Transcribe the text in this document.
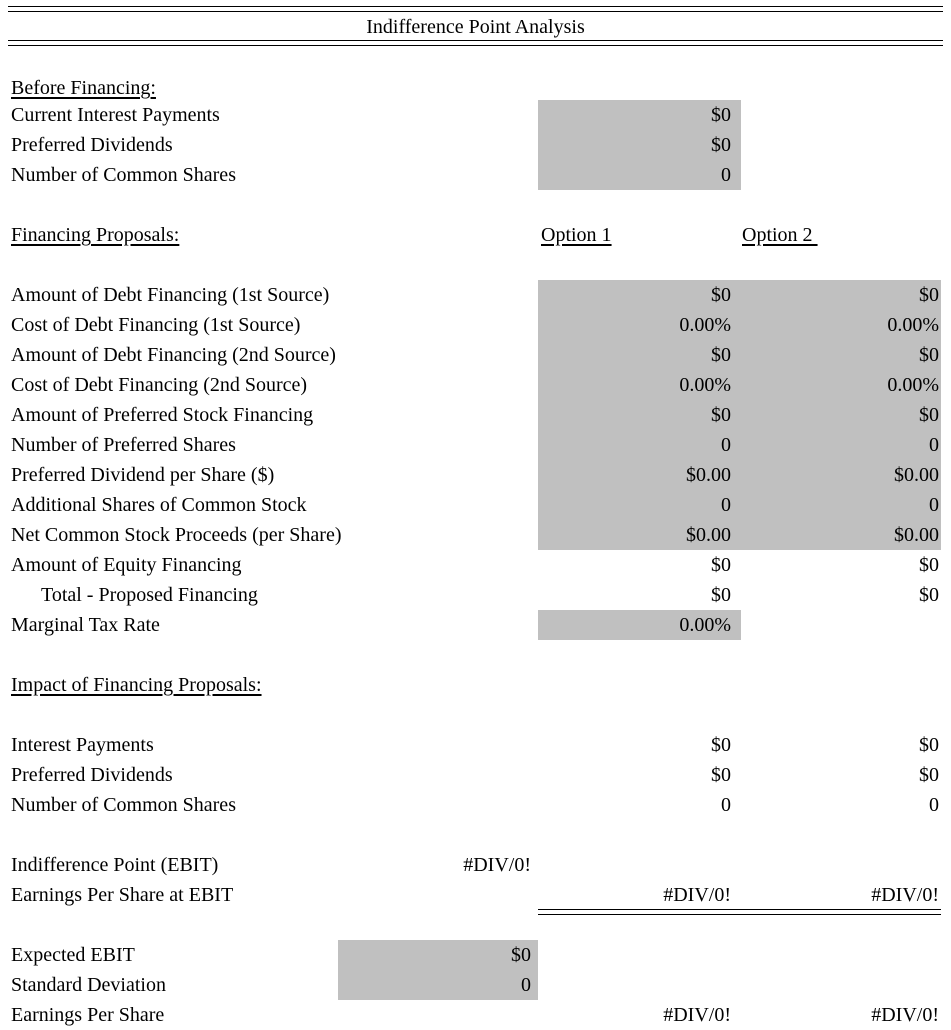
Indifference Point Analysis
Before Financing:
Current Interest Payments	$0
Preferred Dividends	$0
Number of Common Shares	0
Financing Proposals:	Option 1	Option 2
Amount of Debt Financing (1st Source)	$0	$0
Cost of Debt Financing (1st Source)	0.00%	0.00%
Amount of Debt Financing (2nd Source)	$0	$0
Cost of Debt Financing (2nd Source)	0.00%	0.00%
Amount of Preferred Stock Financing	$0	$0
Number of Preferred Shares	0	0
Preferred Dividend per Share ($)	$0.00	$0.00
Additional Shares of Common Stock	0	0
Net Common Stock Proceeds (per Share)	$0.00	$0.00
Amount of Equity Financing	$0	$0
Total - Proposed Financing	$0	$0
Marginal Tax Rate	0.00%
Impact of Financing Proposals:
Interest Payments	$0	$0
Preferred Dividends	$0	$0
Number of Common Shares	0	0
Indifference Point (EBIT)	#DIV/0!
Earnings Per Share at EBIT	#DIV/0!	#DIV/0!
Expected EBIT	$0
Standard Deviation	0
Earnings Per Share	#DIV/0!	#DIV/0!
